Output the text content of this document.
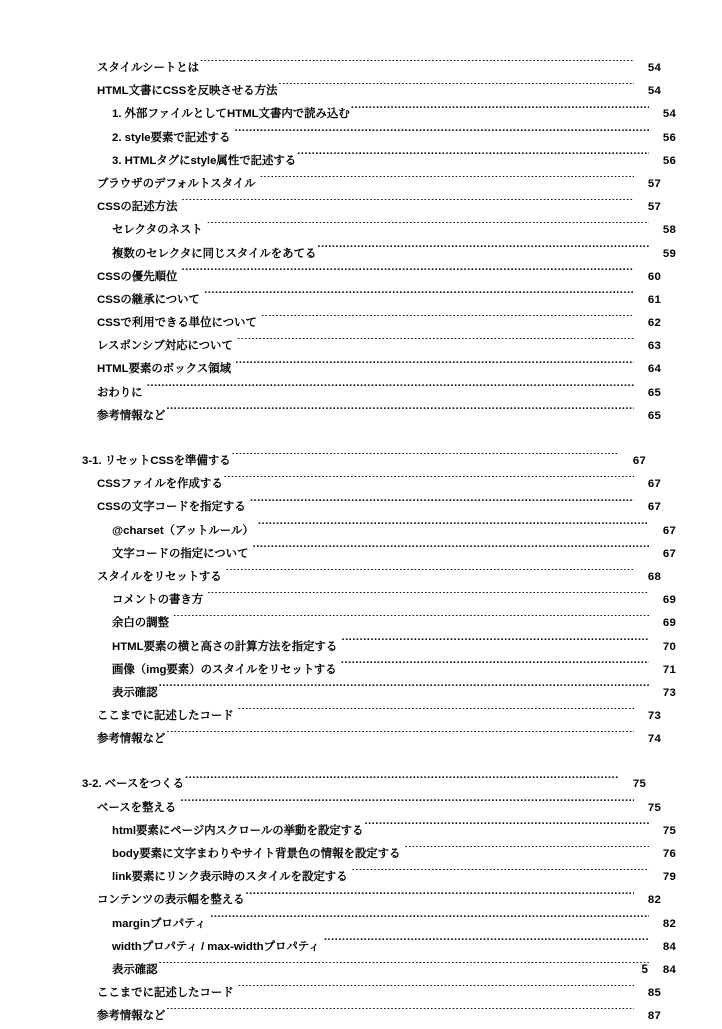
スタイルシートとは .....	54
HTML文書にCSSを反映させる方法 .....	54
1. 外部ファイルとしてHTML文書内で読み込む .....	54
2. style要素で記述する .....	56
3. HTMLタグにstyle属性で記述する .....	56
ブラウザのデフォルトスタイル .....	57
CSSの記述方法 .....	57
セレクタのネスト .....	58
複数のセレクタに同じスタイルをあてる .....	59
CSSの優先順位 .....	60
CSSの継承について .....	61
CSSで利用できる単位について .....	62
レスポンシブ対応について .....	63
HTML要素のボックス領域 .....	64
おわりに .....	65
参考情報など .....	65
3-1. リセットCSSを準備する .....	67
CSSファイルを作成する .....	67
CSSの文字コードを指定する .....	67
@charset（アットルール） .....	67
文字コードの指定について .....	67
スタイルをリセットする .....	68
コメントの書き方 .....	69
余白の調整 .....	69
HTML要素の横と高さの計算方法を指定する .....	70
画像（img要素）のスタイルをリセットする .....	71
表示確認 .....	73
ここまでに記述したコード .....	73
参考情報など .....	74
3-2. ベースをつくる .....	75
ベースを整える .....	75
html要素にページ内スクロールの挙動を設定する .....	75
body要素に文字まわりやサイト背景色の情報を設定する .....	76
link要素にリンク表示時のスタイルを設定する .....	79
コンテンツの表示幅を整える .....	82
marginプロパティ .....	82
widthプロパティ / max-widthプロパティ .....	84
表示確認 .....	84
ここまでに記述したコード .....	85
参考情報など .....	87
5
